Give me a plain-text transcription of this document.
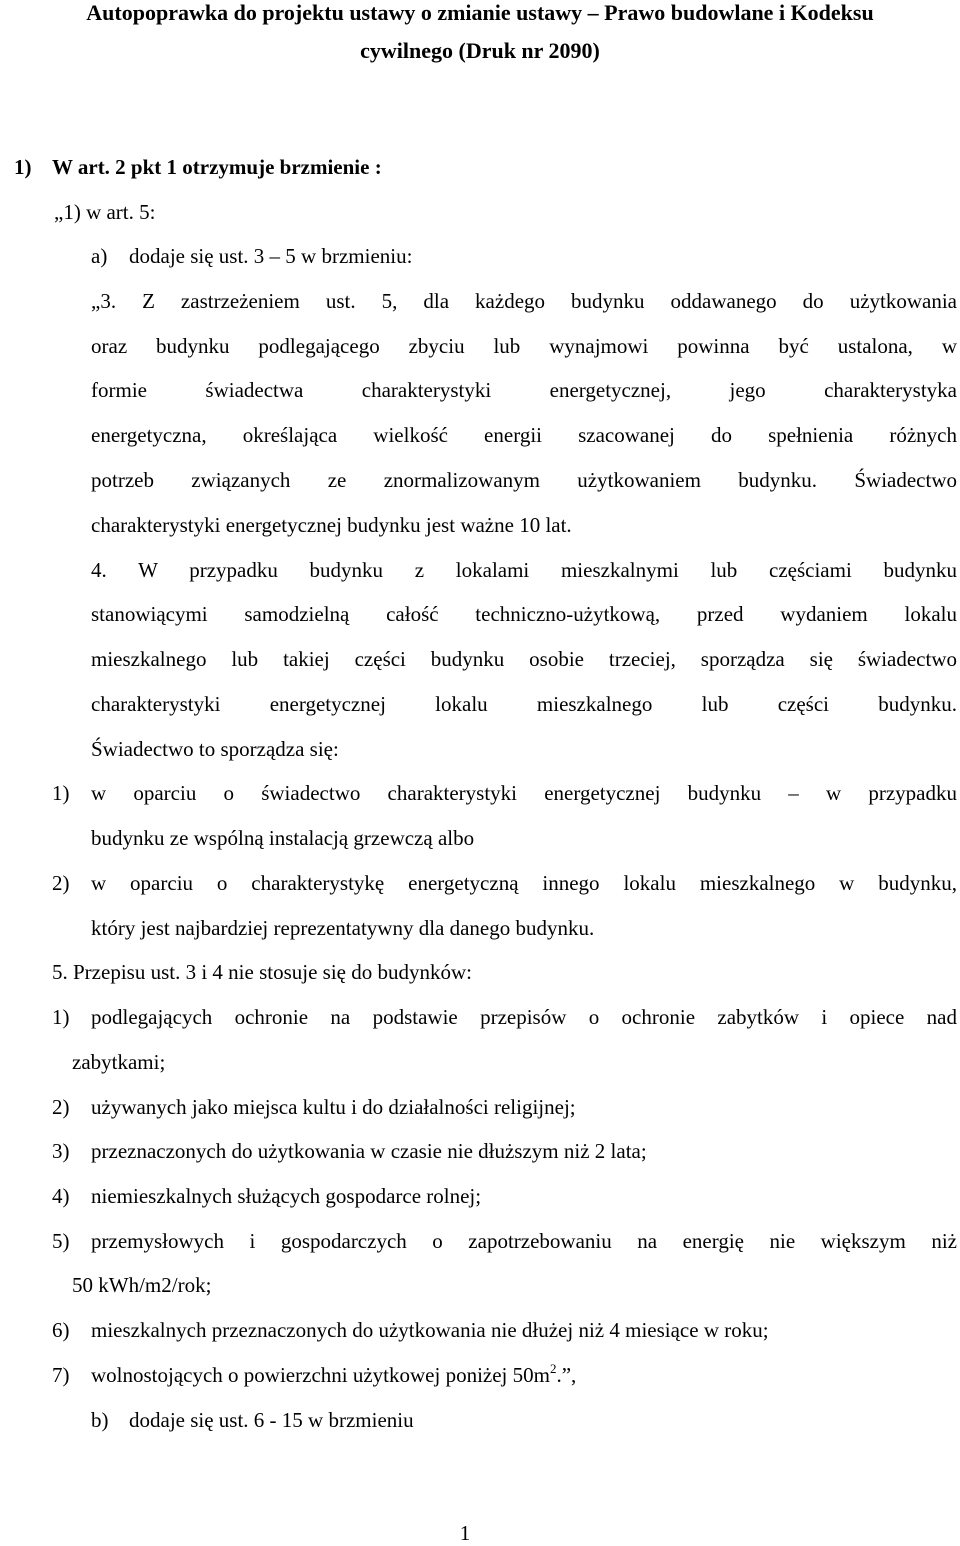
Autopoprawka do projektu ustawy o zmianie ustawy – Prawo budowlane i Kodeksu
cywilnego (Druk nr 2090)
1) W art. 2 pkt 1 otrzymuje brzmienie :
„1) w art. 5:
a) dodaje się ust. 3 – 5 w brzmieniu:
„3. Z zastrzeżeniem ust. 5, dla każdego budynku oddawanego do użytkowania
oraz budynku podlegającego zbyciu lub wynajmowi powinna być ustalona, w
formie świadectwa charakterystyki energetycznej, jego charakterystyka
energetyczna, określająca wielkość energii szacowanej do spełnienia różnych
potrzeb związanych ze znormalizowanym użytkowaniem budynku. Świadectwo
charakterystyki energetycznej budynku jest ważne 10 lat.
4. W przypadku budynku z lokalami mieszkalnymi lub częściami budynku
stanowiącymi samodzielną całość techniczno-użytkową, przed wydaniem lokalu
mieszkalnego lub takiej części budynku osobie trzeciej, sporządza się świadectwo
charakterystyki energetycznej lokalu mieszkalnego lub części budynku.
Świadectwo to sporządza się:
1) w oparciu o świadectwo charakterystyki energetycznej budynku – w przypadku
budynku ze wspólną instalacją grzewczą albo
2) w oparciu o charakterystykę energetyczną innego lokalu mieszkalnego w budynku,
który jest najbardziej reprezentatywny dla danego budynku.
5. Przepisu ust. 3 i 4 nie stosuje się do budynków:
1) podlegających ochronie na podstawie przepisów o ochronie zabytków i opiece nad
zabytkami;
2) używanych jako miejsca kultu i do działalności religijnej;
3) przeznaczonych do użytkowania w czasie nie dłuższym niż 2 lata;
4) niemieszkalnych służących gospodarce rolnej;
5) przemysłowych i gospodarczych o zapotrzebowaniu na energię nie większym niż
50 kWh/m2/rok;
6) mieszkalnych przeznaczonych do użytkowania nie dłużej niż 4 miesiące w roku;
7) wolnostojących o powierzchni użytkowej poniżej $50m^2$.”,
b) dodaje się ust. 6 - 15 w brzmieniu
1
